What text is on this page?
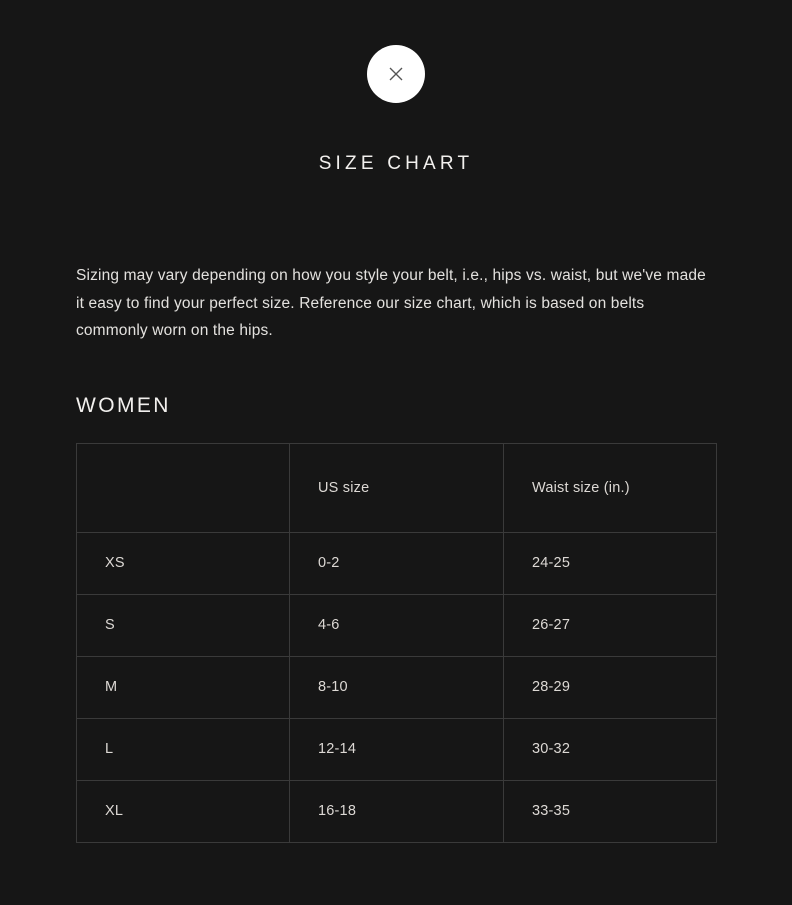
SIZE CHART

Sizing may vary depending on how you style your belt, i.e., hips vs. waist, but we've made it easy to find your perfect size. Reference our size chart, which is based on belts commonly worn on the hips.

WOMEN
	US size	Waist size (in.)
XS	0-2	24-25
S	4-6	26-27
M	8-10	28-29
L	12-14	30-32
XL	16-18	33-35
